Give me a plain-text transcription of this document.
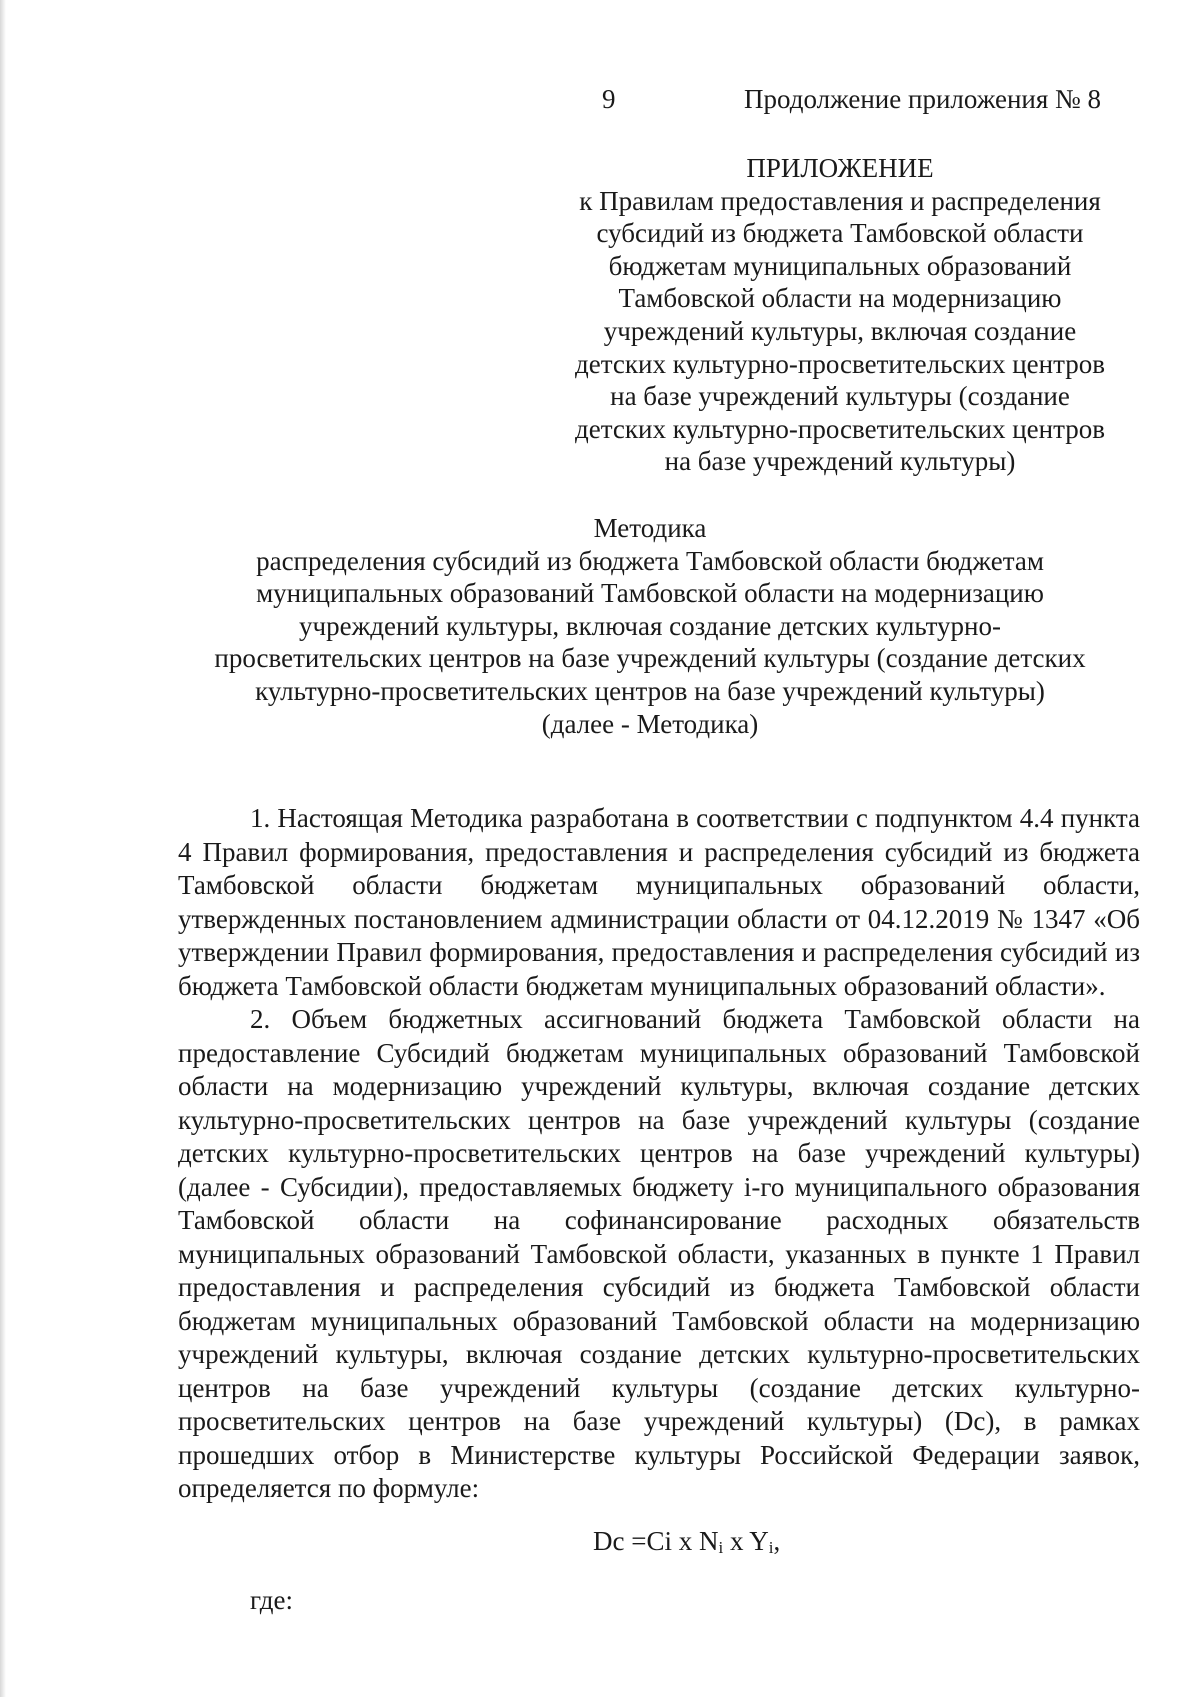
9	Продолжение приложения № 8
ПРИЛОЖЕНИЕ
к Правилам предоставления и распределения
субсидий из бюджета Тамбовской области
бюджетам муниципальных образований
Тамбовской области на модернизацию
учреждений культуры, включая создание
детских культурно-просветительских центров
на базе учреждений культуры (создание
детских культурно-просветительских центров
на базе учреждений культуры)
Методика
распределения субсидий из бюджета Тамбовской области бюджетам
муниципальных образований Тамбовской области на модернизацию
учреждений культуры, включая создание детских культурно-
просветительских центров на базе учреждений культуры (создание детских
культурно-просветительских центров на базе учреждений культуры)
(далее - Методика)

1. Настоящая Методика разработана в соответствии с подпунктом 4.4 пункта 4 Правил формирования, предоставления и распределения субсидий из бюджета Тамбовской области бюджетам муниципальных образований области, утвержденных постановлением администрации области от 04.12.2019 № 1347 «Об утверждении Правил формирования, предоставления и распределения субсидий из бюджета Тамбовской области бюджетам муниципальных образований области».

2. Объем бюджетных ассигнований бюджета Тамбовской области на предоставление Субсидий бюджетам муниципальных образований Тамбовской области на модернизацию учреждений культуры, включая создание детских культурно-просветительских центров на базе учреждений культуры (создание детских культурно-просветительских центров на базе учреждений культуры) (далее - Субсидии), предоставляемых бюджету i-го муниципального образования Тамбовской области на софинансирование расходных обязательств муниципальных образований Тамбовской области, указанных в пункте 1 Правил предоставления и распределения субсидий из бюджета Тамбовской области бюджетам муниципальных образований Тамбовской области на модернизацию учреждений культуры, включая создание детских культурно-просветительских центров на базе учреждений культуры (создание детских культурно-просветительских центров на базе учреждений культуры) (Dc), в рамках прошедших отбор в Министерстве культуры Российской Федерации заявок, определяется по формуле:

Dc =Ci x $N_i$ x $Y_i$,
где:
